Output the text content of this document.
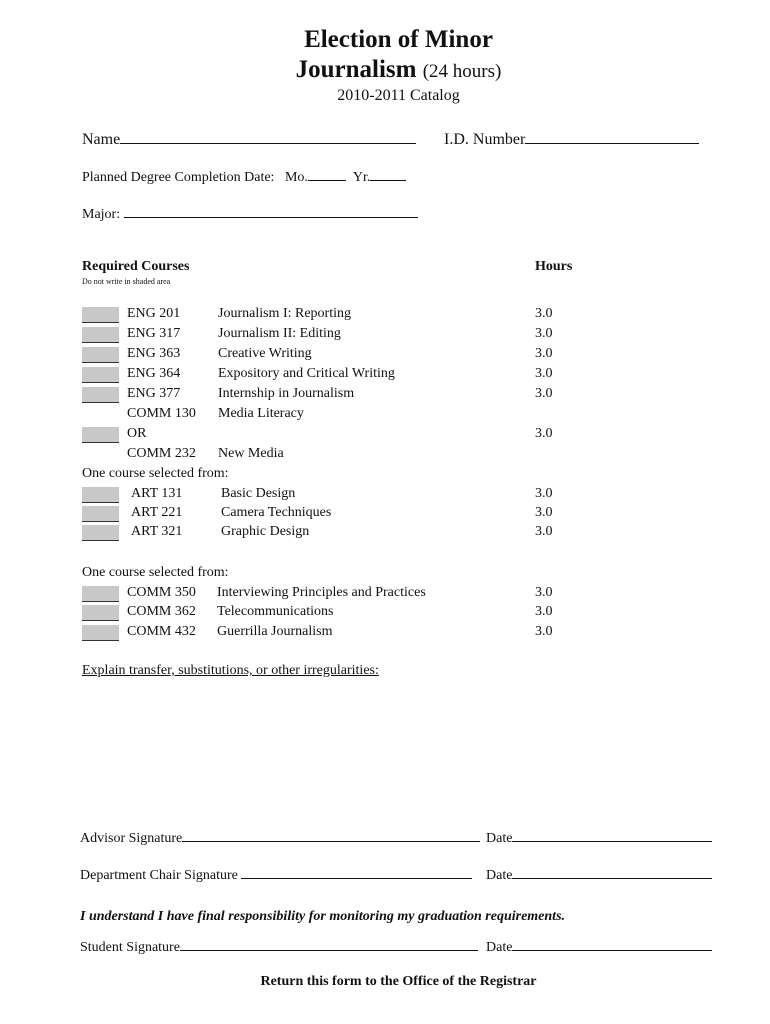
Election of Minor
Journalism (24 hours)
2010-2011 Catalog
Name	I.D. Number
Planned Degree Completion Date: Mo.	Yr.
Major:
Required Courses	Hours
Do not write in shaded area
ENG 201	Journalism I: Reporting	3.0
ENG 317	Journalism II: Editing	3.0
ENG 363	Creative Writing	3.0
ENG 364	Expository and Critical Writing	3.0
ENG 377	Internship in Journalism	3.0
COMM 130 Media Literacy
OR	3.0
COMM 232 New Media
One course selected from:
ART 131	Basic Design	3.0
ART 221	Camera Techniques	3.0
ART 321	Graphic Design	3.0
One course selected from:
COMM 350 Interviewing Principles and Practices	3.0
COMM 362 Telecommunications	3.0
COMM 432 Guerrilla Journalism	3.0
Explain transfer, substitutions, or other irregularities:
Advisor Signature	Date
Department Chair Signature	Date
I understand I have final responsibility for monitoring my graduation requirements.
Student Signature	Date
Return this form to the Office of the Registrar
